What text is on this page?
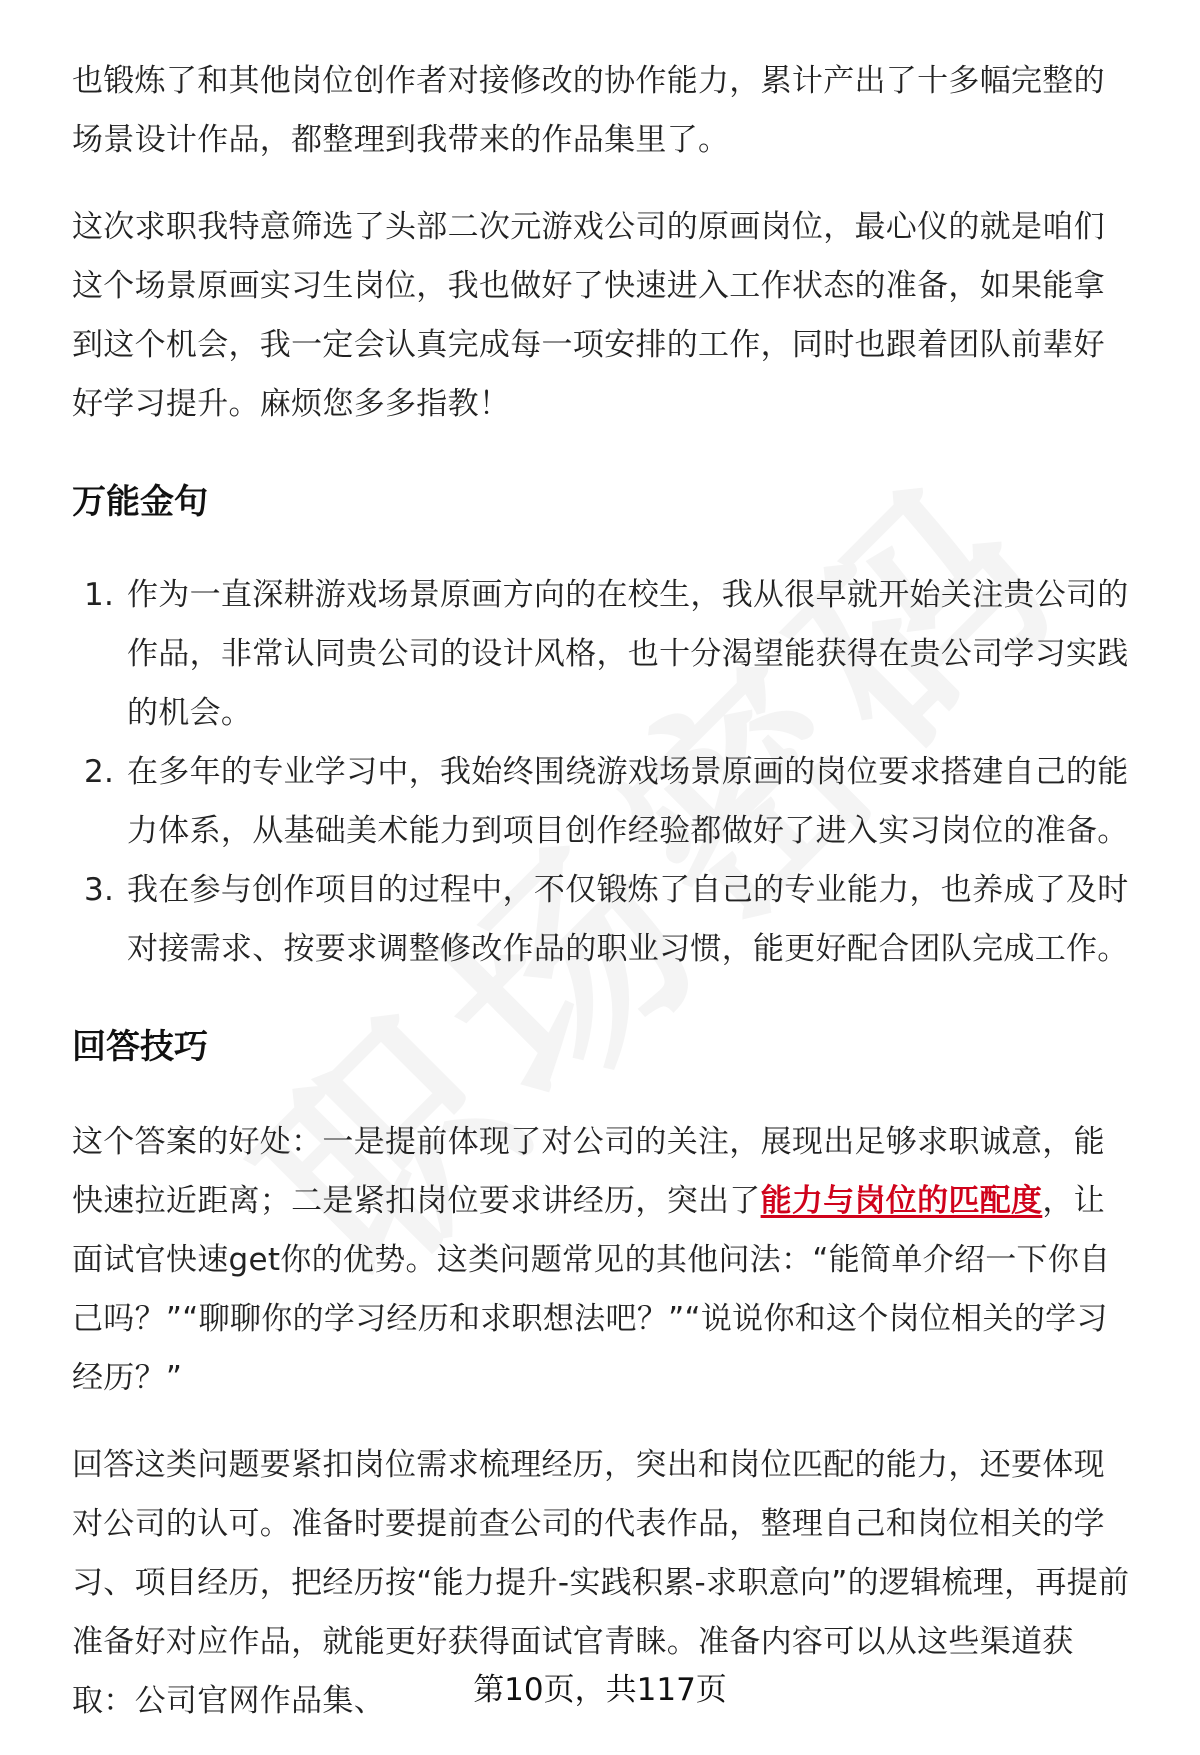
也锻炼了和其他岗位创作者对接修改的协作能力，累计产出了十多幅完整的场景设计作品，都整理到我带来的作品集里了。

这次求职我特意筛选了头部二次元游戏公司的原画岗位，最心仪的就是咱们这个场景原画实习生岗位，我也做好了快速进入工作状态的准备，如果能拿到这个机会，我一定会认真完成每一项安排的工作，同时也跟着团队前辈好好学习提升。麻烦您多多指教！

万能金句
1. 作为一直深耕游戏场景原画方向的在校生，我从很早就开始关注贵公司的作品，非常认同贵公司的设计风格，也十分渴望能获得在贵公司学习实践的机会。
2. 在多年的专业学习中，我始终围绕游戏场景原画的岗位要求搭建自己的能力体系，从基础美术能力到项目创作经验都做好了进入实习岗位的准备。
3. 我在参与创作项目的过程中，不仅锻炼了自己的专业能力，也养成了及时对接需求、按要求调整修改作品的职业习惯，能更好配合团队完成工作。
回答技巧

这个答案的好处：一是提前体现了对公司的关注，展现出足够求职诚意，能快速拉近距离；二是紧扣岗位要求讲经历，突出了能力与岗位的匹配度，让面试官快速get你的优势。这类问题常见的其他问法：“能简单介绍一下你自己吗？”“聊聊你的学习经历和求职想法吧？”“说说你和这个岗位相关的学习经历？”

回答这类问题要紧扣岗位需求梳理经历，突出和岗位匹配的能力，还要体现对公司的认可。准备时要提前查公司的代表作品，整理自己和岗位相关的学习、项目经历，把经历按“能力提升-实践积累-求职意向”的逻辑梳理，再提前准备好对应作品，就能更好获得面试官青睐。准备内容可以从这些渠道获取：公司官网作品集、	第10页，共117页
